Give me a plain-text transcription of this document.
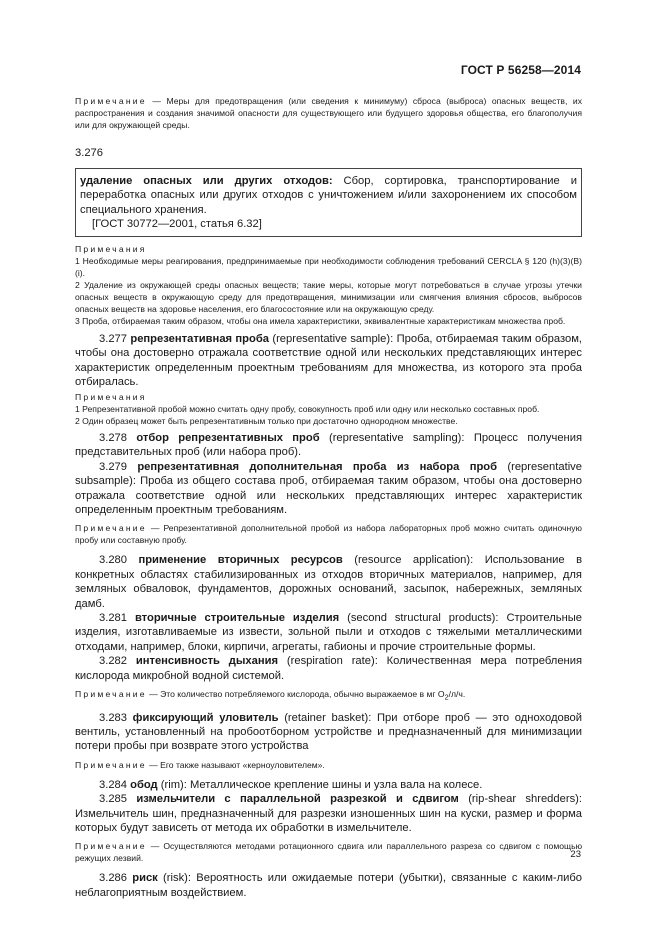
ГОСТ Р 56258—2014

Примечание — Меры для предотвращения (или сведения к минимуму) сброса (выброса) опасных веществ, их распространения и создания значимой опасности для существующего или будущего здоровья общества, его благополучия или для окружающей среды.

3.276

удаление опасных или других отходов: Сбор, сортировка, транспортирование и переработка опасных или других отходов с уничтожением и/или захоронением их способом специального хранения.

[ГОСТ 30772—2001, статья 6.32]

Примечания

1 Необходимые меры реагирования, предпринимаемые при необходимости соблюдения требований CERCLA § 120 (h)(3)(B)(i).

2 Удаление из окружающей среды опасных веществ; такие меры, которые могут потребоваться в случае угрозы утечки опасных веществ в окружающую среду для предотвращения, минимизации или смягчения влияния сбросов, выбросов опасных веществ на здоровье населения, его благосостояние или на окружающую среду.

3 Проба, отбираемая таким образом, чтобы она имела характеристики, эквивалентные характеристикам множества проб.

3.277 репрезентативная проба (representative sample): Проба, отбираемая таким образом, чтобы она достоверно отражала соответствие одной или нескольких представляющих интерес характеристик определенным проектным требованиям для множества, из которого эта проба отбиралась.

Примечания

1 Репрезентативной пробой можно считать одну пробу, совокупность проб или одну или несколько составных проб.

2 Один образец может быть репрезентативным только при достаточно однородном множестве.

3.278 отбор репрезентативных проб (representative sampling): Процесс получения представительных проб (или набора проб).

3.279 репрезентативная дополнительная проба из набора проб (representative subsample): Проба из общего состава проб, отбираемая таким образом, чтобы она достоверно отражала соответствие одной или нескольких представляющих интерес характеристик определенным проектным требованиям.

Примечание — Репрезентативной дополнительной пробой из набора лабораторных проб можно считать одиночную пробу или составную пробу.

3.280 применение вторичных ресурсов (resource application): Использование в конкретных областях стабилизированных из отходов вторичных материалов, например, для земляных обваловок, фундаментов, дорожных оснований, засыпок, набережных, земляных дамб.

3.281 вторичные строительные изделия (second structural products): Строительные изделия, изготавливаемые из извести, зольной пыли и отходов с тяжелыми металлическими отходами, например, блоки, кирпичи, агрегаты, габионы и прочие строительные формы.

3.282 интенсивность дыхания (respiration rate): Количественная мера потребления кислорода микробной водной системой.

Примечание — Это количество потребляемого кислорода, обычно выражаемое в мг $O_2/л/ч$.

3.283 фиксирующий уловитель (retainer basket): При отборе проб — это одноходовой вентиль, установленный на пробоотборном устройстве и предназначенный для минимизации потери пробы при возврате этого устройства

Примечание — Его также называют «керноуловителем».

3.284 обод (rim): Металлическое крепление шины и узла вала на колесе.

3.285 измельчители с параллельной разрезкой и сдвигом (rip-shear shredders): Измельчитель шин, предназначенный для разрезки изношенных шин на куски, размер и форма которых будут зависеть от метода их обработки в измельчителе.

Примечание — Осуществляются методами ротационного сдвига или параллельного разреза со сдвигом с помощью режущих лезвий.

3.286 риск (risk): Вероятность или ожидаемые потери (убытки), связанные с каким-либо неблагоприятным воздействием.

23
